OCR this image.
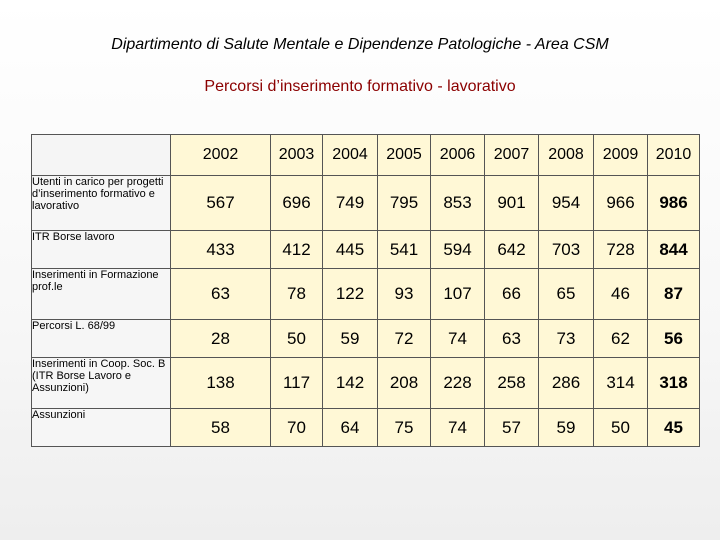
Dipartimento di Salute Mentale e Dipendenze Patologiche - Area CSM
Percorsi d’inserimento formativo - lavorativo
	2002	2003	2004	2005	2006	2007	2008	2009	2010
Utenti in carico per progetti d’inserimento formativo e lavorativo	567	696	749	795	853	901	954	966	986
ITR Borse lavoro	433	412	445	541	594	642	703	728	844
Inserimenti in Formazione prof.le	63	78	122	93	107	66	65	46	87
Percorsi L. 68/99	28	50	59	72	74	63	73	62	56
Inserimenti in Coop. Soc. B (ITR Borse Lavoro e Assunzioni)	138	117	142	208	228	258	286	314	318
Assunzioni	58	70	64	75	74	57	59	50	45
